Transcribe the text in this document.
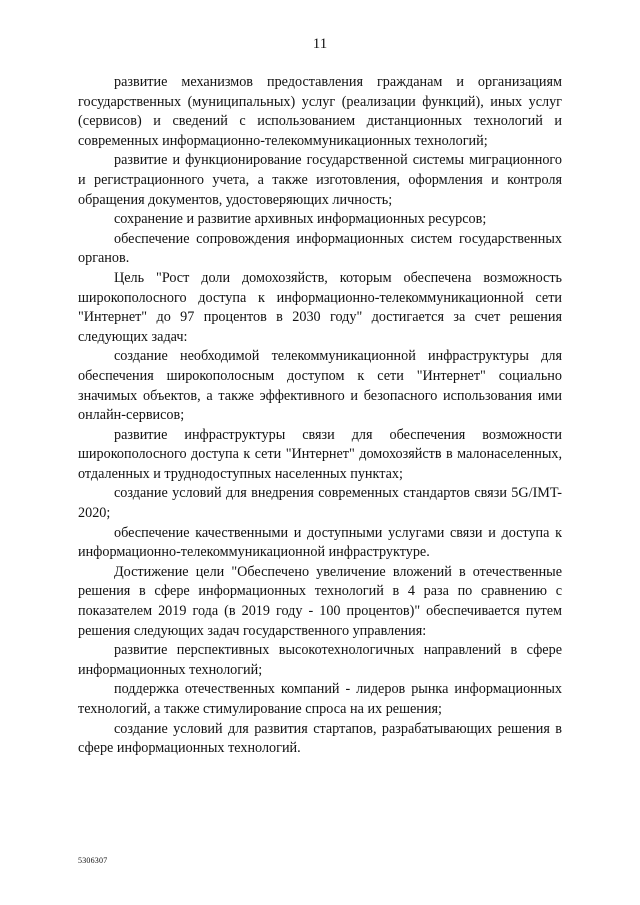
11

развитие механизмов предоставления гражданам и организациям государственных (муниципальных) услуг (реализации функций), иных услуг (сервисов) и сведений с использованием дистанционных технологий и современных информационно-телекоммуникационных технологий;

развитие и функционирование государственной системы миграционного и регистрационного учета, а также изготовления, оформления и контроля обращения документов, удостоверяющих личность;

сохранение и развитие архивных информационных ресурсов;

обеспечение сопровождения информационных систем государственных органов.

Цель "Рост доли домохозяйств, которым обеспечена возможность широкополосного доступа к информационно-телекоммуникационной сети "Интернет" до 97 процентов в 2030 году" достигается за счет решения следующих задач:

создание необходимой телекоммуникационной инфраструктуры для обеспечения широкополосным доступом к сети "Интернет" социально значимых объектов, а также эффективного и безопасного использования ими онлайн-сервисов;

развитие инфраструктуры связи для обеспечения возможности широкополосного доступа к сети "Интернет" домохозяйств в малонаселенных, отдаленных и труднодоступных населенных пунктах;

создание условий для внедрения современных стандартов связи 5G/IMT-2020;

обеспечение качественными и доступными услугами связи и доступа к информационно-телекоммуникационной инфраструктуре.

Достижение цели "Обеспечено увеличение вложений в отечественные решения в сфере информационных технологий в 4 раза по сравнению с показателем 2019 года (в 2019 году - 100 процентов)" обеспечивается путем решения следующих задач государственного управления:

развитие перспективных высокотехнологичных направлений в сфере информационных технологий;

поддержка отечественных компаний - лидеров рынка информационных технологий, а также стимулирование спроса на их решения;

создание условий для развития стартапов, разрабатывающих решения в сфере информационных технологий.

5306307
